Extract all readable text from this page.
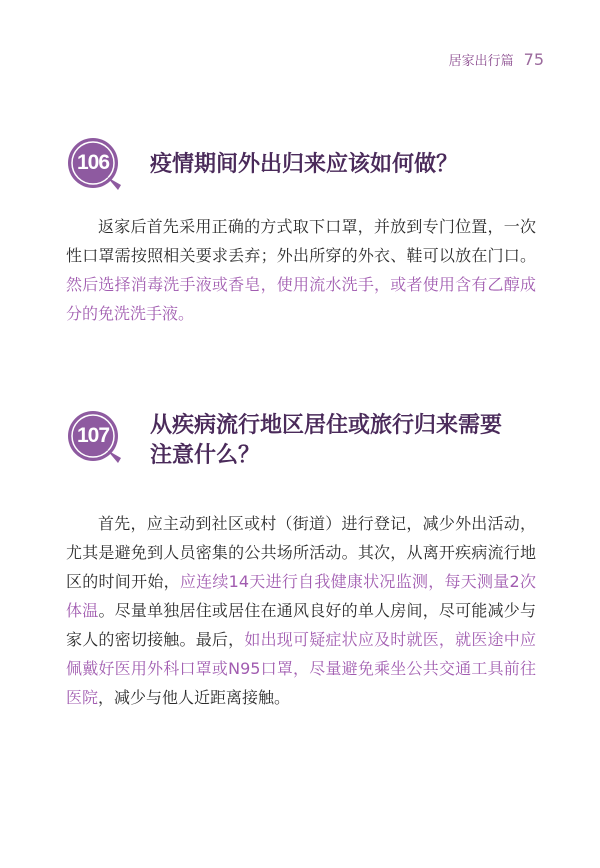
居家出行篇 75
106	疫情期间外出归来应该如何做？

返家后首先采用正确的方式取下口罩，并放到专门位置，一次性口罩需按照相关要求丢弃；外出所穿的外衣、鞋可以放在门口。然后选择消毒洗手液或香皂，使用流水洗手，或者使用含有乙醇成分的免洗洗手液。

107	从疾病流行地区居住或旅行归来需要
注意什么？

首先，应主动到社区或村（街道）进行登记，减少外出活动，尤其是避免到人员密集的公共场所活动。其次，从离开疾病流行地区的时间开始，应连续14天进行自我健康状况监测，每天测量2次体温。尽量单独居住或居住在通风良好的单人房间，尽可能减少与家人的密切接触。最后，如出现可疑症状应及时就医，就医途中应佩戴好医用外科口罩或N95口罩，尽量避免乘坐公共交通工具前往医院，减少与他人近距离接触。
